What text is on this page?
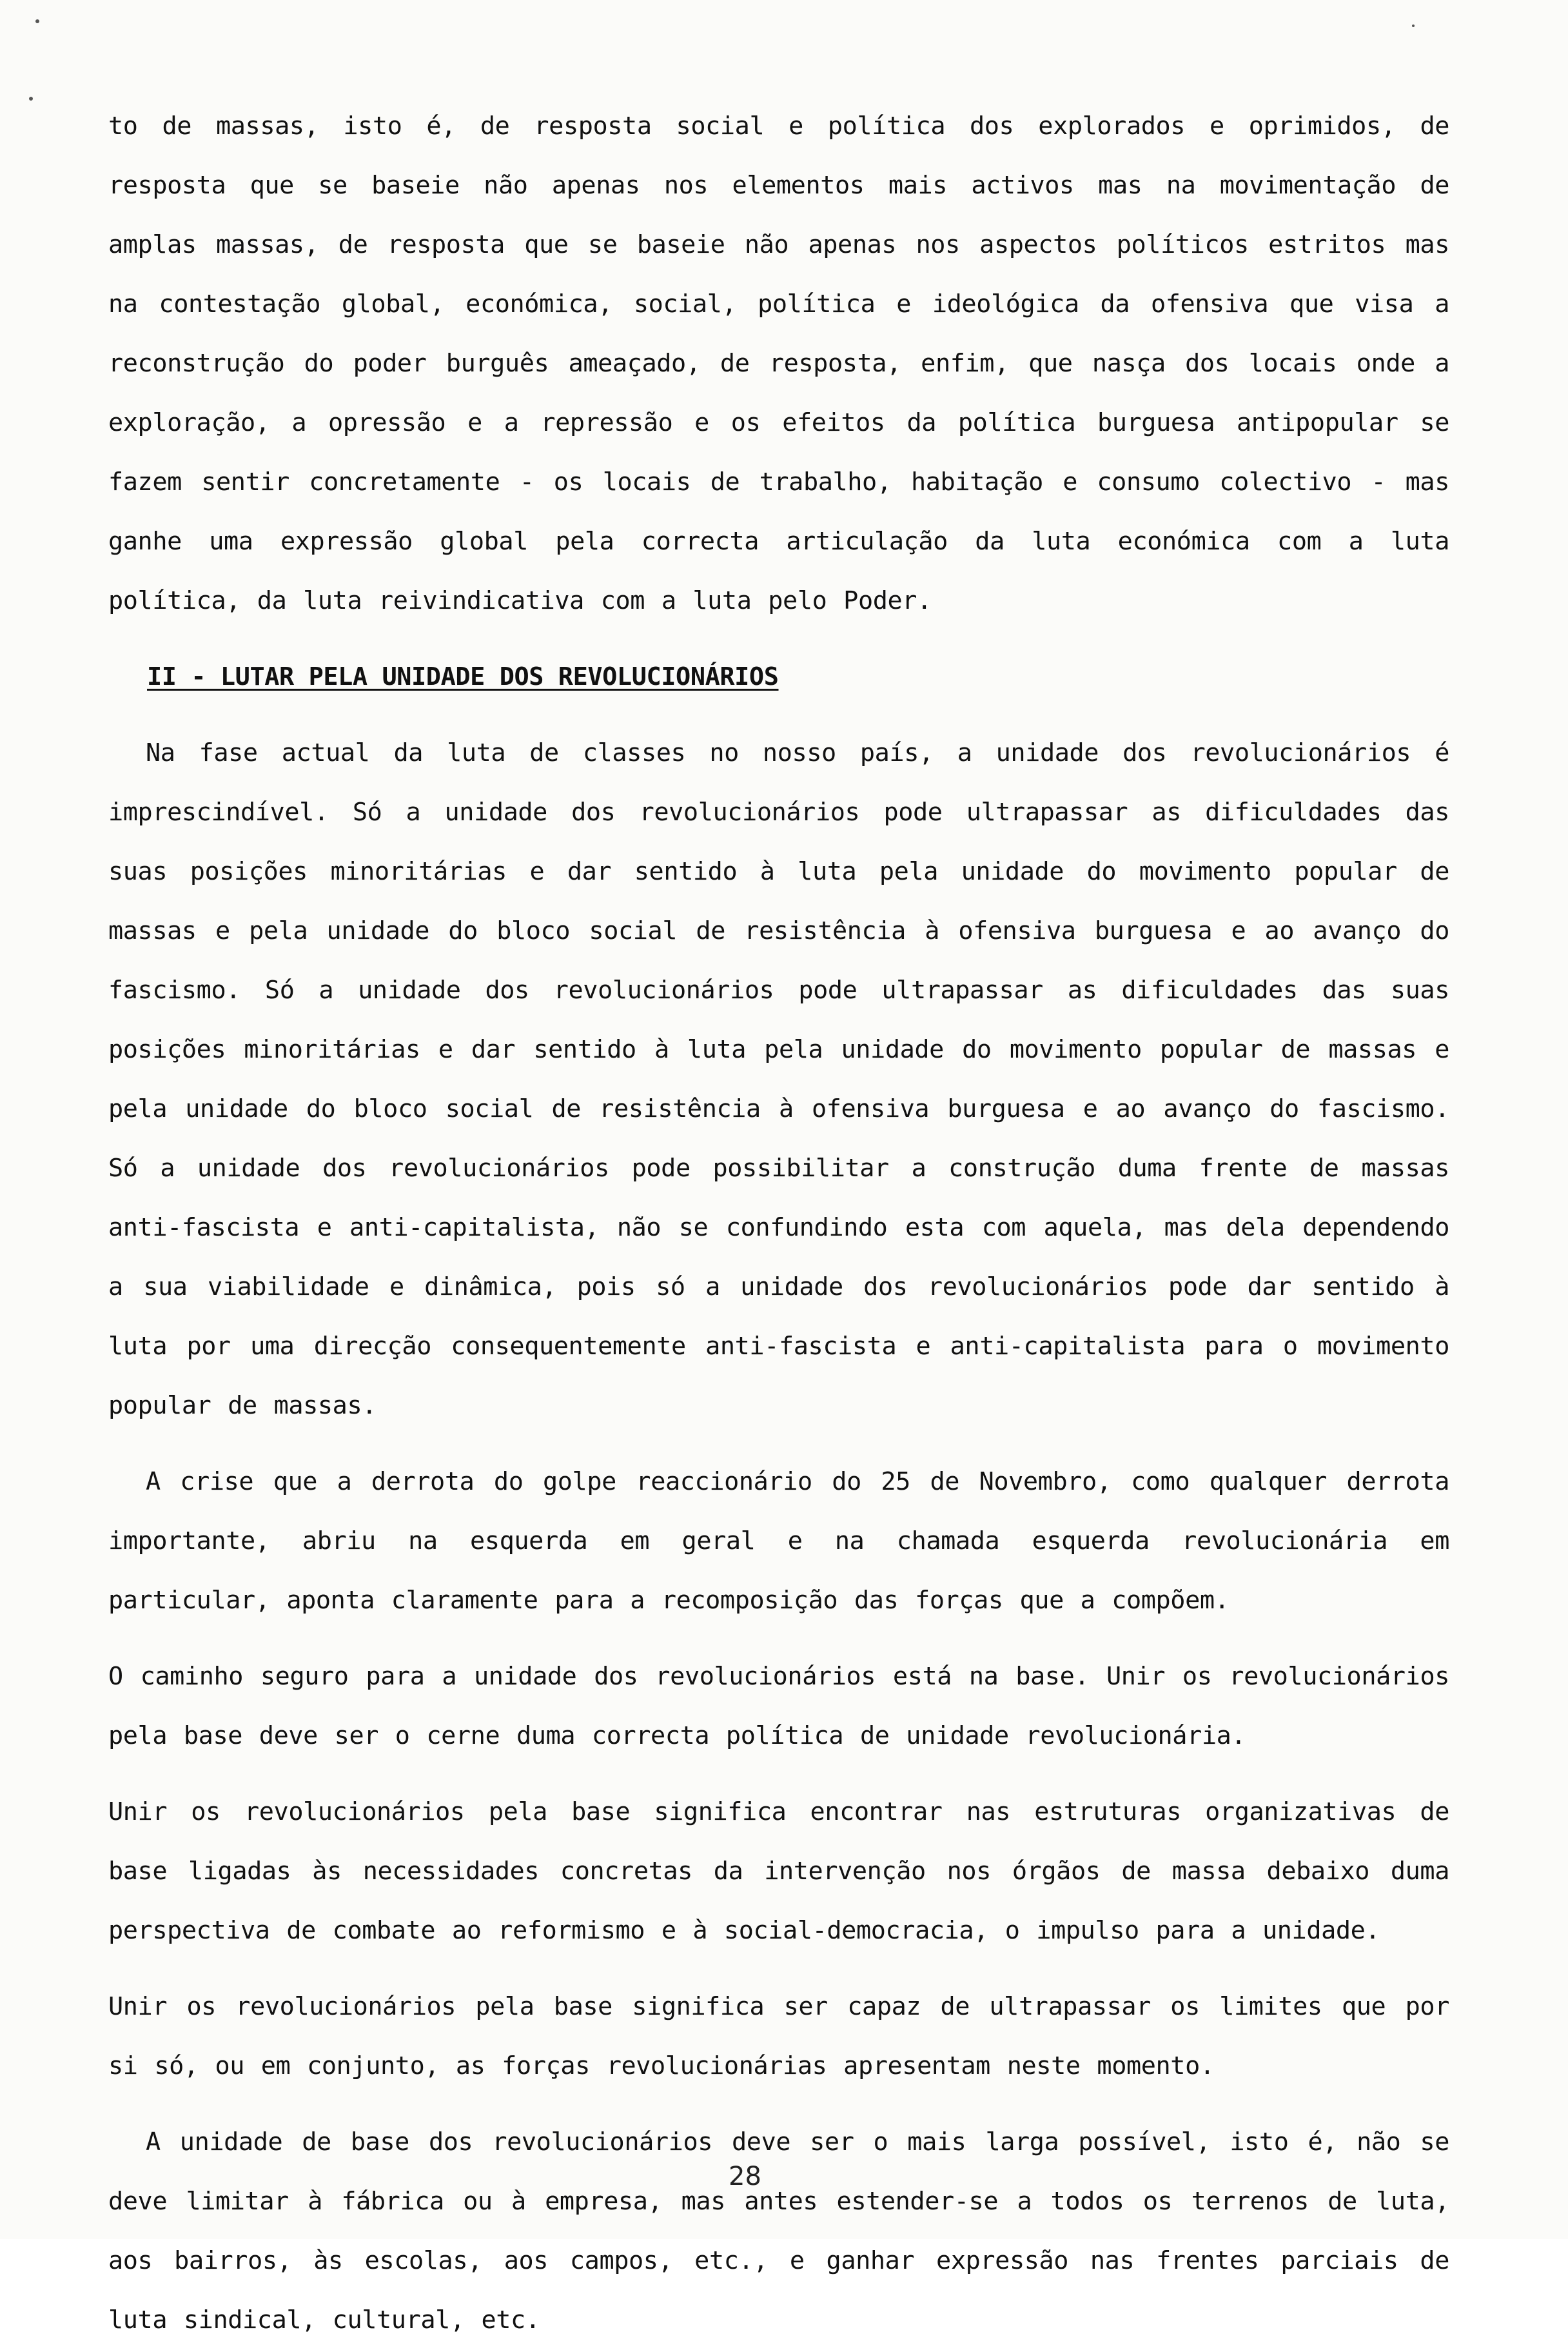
to de massas, isto é, de resposta social e política dos explorados e oprimidos, de resposta que se baseie não apenas nos elementos mais activos mas na movimentação de amplas massas, de resposta que se baseie não apenas nos aspectos políticos estritos mas na contestação global, económica, social, política e ideológica da ofensiva que visa a reconstrução do poder burguês ameaçado, de resposta, enfim, que nasça dos locais onde a exploração, a opressão e a repressão e os efeitos da política burguesa antipopular se fazem sentir concretamente - os locais de trabalho, habitação e consumo colectivo - mas ganhe uma expressão global pela correcta articulação da luta económica com a luta política, da luta reivindicativa com a luta pelo Poder.

II - LUTAR PELA UNIDADE DOS REVOLUCIONÁRIOS

Na fase actual da luta de classes no nosso país, a unidade dos revolucionários é imprescindível. Só a unidade dos revolucionários pode ultrapassar as dificuldades das suas posições minoritárias e dar sentido à luta pela unidade do movimento popular de massas e pela unidade do bloco social de resistência à ofensiva burguesa e ao avanço do fascismo. Só a unidade dos revolucionários pode ultrapassar as dificuldades das suas posições minoritárias e dar sentido à luta pela unidade do movimento popular de massas e pela unidade do bloco social de resistência à ofensiva burguesa e ao avanço do fascismo. Só a unidade dos revolucionários pode possibilitar a construção duma frente de massas anti-fascista e anti-capitalista, não se confundindo esta com aquela, mas dela dependendo a sua viabilidade e dinâmica, pois só a unidade dos revolucionários pode dar sentido à luta por uma direcção consequentemente anti-fascista e anti-capitalista para o movimento popular de massas.

A crise que a derrota do golpe reaccionário do 25 de Novembro, como qualquer derrota importante, abriu na esquerda em geral e na chamada esquerda revolucionária em particular, aponta claramente para a recomposição das forças que a compõem.

O caminho seguro para a unidade dos revolucionários está na base. Unir os revolucionários pela base deve ser o cerne duma correcta política de unidade revolucionária.

Unir os revolucionários pela base significa encontrar nas estruturas organizativas de base ligadas às necessidades concretas da intervenção nos órgãos de massa debaixo duma perspectiva de combate ao reformismo e à social-democracia, o impulso para a unidade.

Unir os revolucionários pela base significa ser capaz de ultrapassar os limites que por si só, ou em conjunto, as forças revolucionárias apresentam neste momento.

A unidade de base dos revolucionários deve ser o mais larga possível, isto é, não se deve limitar à fábrica ou à empresa, mas antes estender-se a todos os terrenos de luta, aos bairros, às escolas, aos campos, etc., e ganhar expressão nas frentes parciais de luta sindical, cultural, etc.

28
